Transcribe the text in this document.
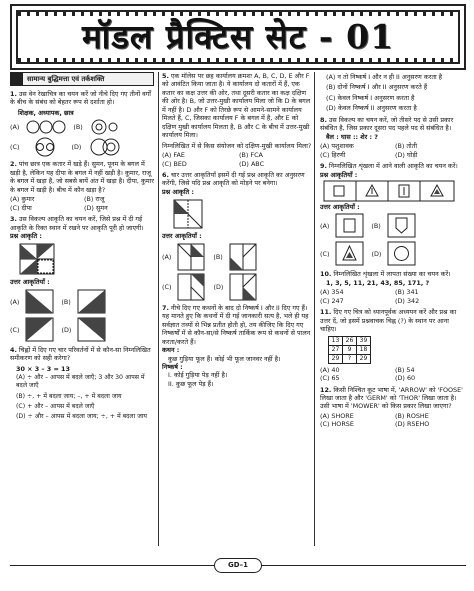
मॉडल प्रैक्टिस सेट - 01
सामान्य बुद्धिमत्ता एवं तर्कशक्ति
1. उस वेन रेखाचित्र का चयन करें जो नीचे दिए गए तीनों वर्गों के बीच के संबंध को बेहतर रूप से दर्शाता हो।
शिक्षक, अध्यापक, छात्र
(A)	(B)
(C)	(D)
2. पांच छात्र एक कतार में खड़े हैं। सुमन, पूनम के बगल में खड़ी है, लेकिन यह दीपा के बगल में नहीं खड़ी है। कुमार, राजू के बगल में खड़ा है, जो सबसे बायें अंत में खड़ा है। दीपा, कुमार के बगल में खड़ी है। बीच में कौन खड़ा है?
(A) कुमार	(B) राजू
(C) दीपा	(D) सुमन
3. उस विकल्प आकृति का चयन करें, जिसे प्रश्न में दी गई आकृति के रिक्त स्थान में रखने पर आकृति पूरी हो जाएगी।
प्रश्न आकृति :
उत्तर आकृतियाँ :
(A)	(B)
(C)	(D)
4. चिह्नों में दिए गए चार परिवर्तनों में से कौन-सा निम्नलिखित समीकरण को सही करेगा?
30 × 3 – 3 = 13
(A) ÷ और – आपस में बदले जाएँ; 3 और 30 आपस में बदले जाएँ
(B) ÷, + में बदला जाय; –, + में बदला जाय
(C) + और – आपस में बदले जाएँ
(D) ÷ और – आपस में बदला जाय; ÷, + में बदला जाय
5. एक मॉलेस पर छह कार्यालय क्रमशः A, B, C, D, E और F को आवंटित किया जाता है। ये कार्यालय दो कतारों में हैं, एक कतार का कक्ष उत्तर की ओर, तथा दूसरी कतार का कक्ष दक्षिण की ओर है। B, जो उत्तर-मुखी कार्यालय मिला जो कि D के बगल में नहीं है। D और F को तिरछे रूप से आमने-सामने कार्यालय मिलते हैं, C, जिसका कार्यालय F के बगल में है, और E को दक्षिण मुखी कार्यालय मिलता है, B और C के बीच में उत्तर-मुखी कार्यालय मिला।
निम्नलिखित में से किस संयोजन को दक्षिण-मुखी कार्यालय मिला?
(A) FAE	(B) FCA
(C) BED	(D) ABC
6. चार उत्तर आकृतियाँ इसमें दी गई प्रश्न आकृति का अनुसरण करेंगी, जिसे यदि प्रश्न आकृति को मोड़ने पर बनेगा।
प्रश्न आकृति :
उत्तर आकृतियाँ :
(A)	(B)
(C)	(D)
7. नीचे दिए गए कथनों के बाद दो निष्कर्ष I और II दिए गए हैं। यह मानते हुए कि कथनों में दी गई जानकारी सत्य है, भले ही यह सर्वज्ञात तथ्यों से भिन्न प्रतीत होती हो, तय कीजिए कि दिए गए निष्कर्षों में से कौन-सा/से निष्कर्ष तार्किक रूप से कथनों से पालन करता/करते हैं।
कथन :
कुछ गुड़िया फूल हैं। कोई भी फूल जानवर नहीं है।
निष्कर्ष :
I. कोई गुड़िया पेड़ नहीं है।
II. कुछ फूल पेड़ हैं।
(A) न तो निष्कर्ष I और न ही II अनुसरण करता है
(B) दोनों निष्कर्ष I और II अनुसरण करते हैं
(C) केवल निष्कर्ष I अनुसरण करता है
(D) केवल निष्कर्ष II अनुसरण करता है
8. उस विकल्प का चयन करें, जो तीसरे पद से उसी प्रकार संबंधित है, जिस प्रकार दूसरा पद पहले पद से संबंधित है।
बैल : घास :: शेर : ?
(A) पशुशावक	(B) तोती
(C) हिरणी	(D) घोड़ी
9. निम्नलिखित शृंखला में आने वाली आकृति का चयन करें।
प्रश्न आकृतियाँ :
उत्तर आकृतियाँ :
(A)	(B)
(C)	(D)
10. निम्नलिखित शृंखला में लापता संख्या का चयन करें।
1, 3, 5, 11, 21, 43, 85, 171, ?
(A) 354	(B) 341
(C) 247	(D) 342
11. दिए गए चित्र को ध्यानपूर्वक अध्ययन करें और प्रश्न का उत्तर दें, जो इसमें प्रश्नवाचक चिह्न (?) के स्थान पर आना चाहिए।
13	26	39
27	9	18
29	?	29
(A) 40	(B) 54
(C) 65	(D) 60
12. किसी निश्चित कूट भाषा में, 'ARROW' को 'FOOSE' लिखा जाता है और 'GERM' को 'THOR' लिखा जाता है। उसी भाषा में 'MOWER' को किस प्रकार लिखा जाएगा?
(A) SHORE	(B) ROSHE
(C) HORSE	(D) RSEHO
GD–1
